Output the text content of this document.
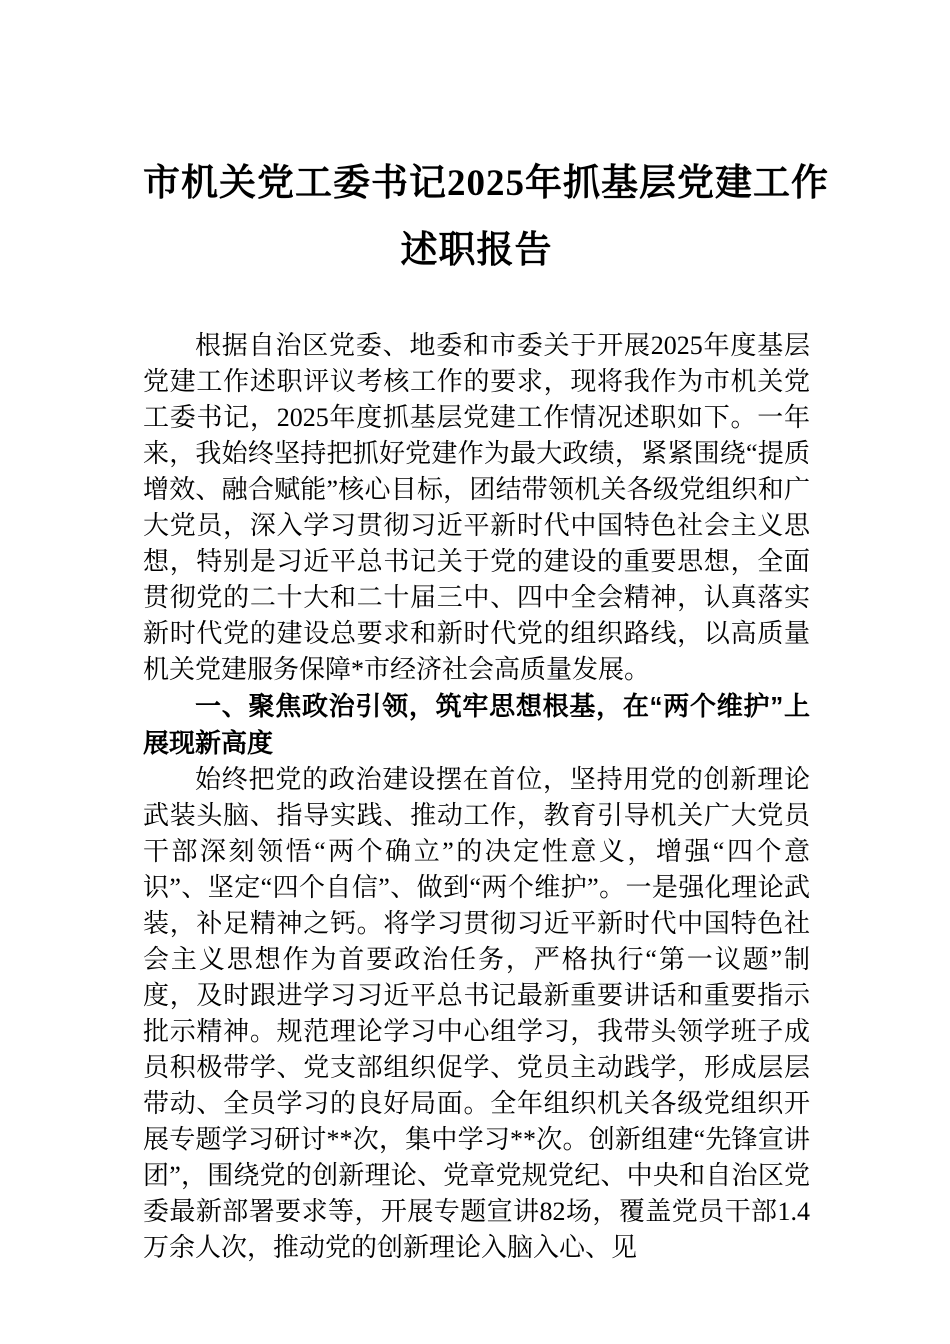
市机关党工委书记2025年抓基层党建工作
述职报告

根据自治区党委、地委和市委关于开展2025年度基层党建工作述职评议考核工作的要求，现将我作为市机关党工委书记，2025年度抓基层党建工作情况述职如下。一年来，我始终坚持把抓好党建作为最大政绩，紧紧围绕“提质增效、融合赋能”核心目标，团结带领机关各级党组织和广大党员，深入学习贯彻习近平新时代中国特色社会主义思想，特别是习近平总书记关于党的建设的重要思想，全面贯彻党的二十大和二十届三中、四中全会精神，认真落实新时代党的建设总要求和新时代党的组织路线，以高质量机关党建服务保障*市经济社会高质量发展。

一、聚焦政治引领，筑牢思想根基，在“两个维护”上展现新高度

始终把党的政治建设摆在首位，坚持用党的创新理论武装头脑、指导实践、推动工作，教育引导机关广大党员干部深刻领悟“两个确立”的决定性意义，增强“四个意识”、坚定“四个自信”、做到“两个维护”。一是强化理论武装，补足精神之钙。将学习贯彻习近平新时代中国特色社会主义思想作为首要政治任务，严格执行“第一议题”制度，及时跟进学习习近平总书记最新重要讲话和重要指示批示精神。规范理论学习中心组学习，我带头领学班子成员积极带学、党支部组织促学、党员主动践学，形成层层带动、全员学习的良好局面。全年组织机关各级党组织开展专题学习研讨**次，集中学习**次。创新组建“先锋宣讲团”，围绕党的创新理论、党章党规党纪、中央和自治区党委最新部署要求等，开展专题宣讲82场，覆盖党员干部1.4万余人次，推动党的创新理论入脑入心、见
